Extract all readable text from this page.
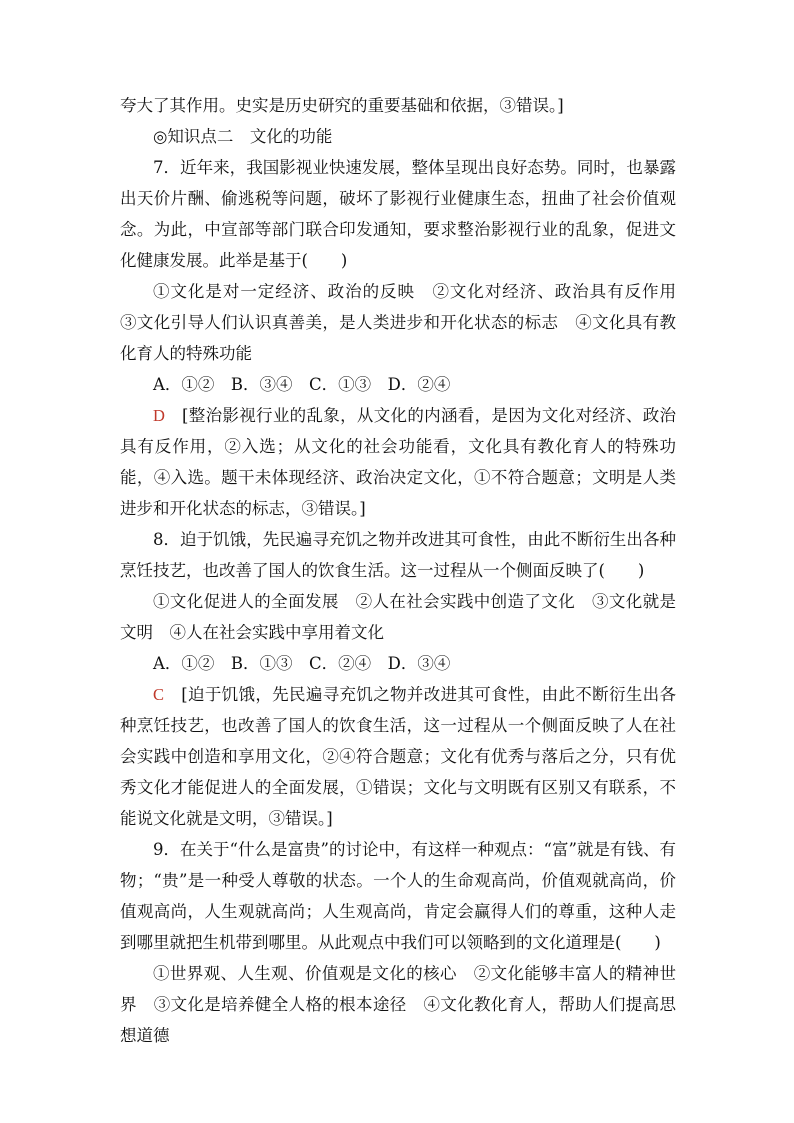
夸大了其作用。史实是历史研究的重要基础和依据，③错误。]

◎知识点二　文化的功能

7．近年来，我国影视业快速发展，整体呈现出良好态势。同时，也暴露出天价片酬、偷逃税等问题，破坏了影视行业健康生态，扭曲了社会价值观念。为此，中宣部等部门联合印发通知，要求整治影视行业的乱象，促进文化健康发展。此举是基于(　　)

①文化是对一定经济、政治的反映　②文化对经济、政治具有反作用　③文化引导人们认识真善美，是人类进步和开化状态的标志　④文化具有教化育人的特殊功能

A．①②　B．③④　C．①③　D．②④

D　 [整治影视行业的乱象，从文化的内涵看，是因为文化对经济、政治具有反作用，②入选；从文化的社会功能看，文化具有教化育人的特殊功能，④入选。题干未体现经济、政治决定文化，①不符合题意；文明是人类进步和开化状态的标志，③错误。]

8．迫于饥饿，先民遍寻充饥之物并改进其可食性，由此不断衍生出各种烹饪技艺，也改善了国人的饮食生活。这一过程从一个侧面反映了(　　)

①文化促进人的全面发展　②人在社会实践中创造了文化　③文化就是文明　④人在社会实践中享用着文化

A．①②　B．①③　C．②④　D．③④

C　 [迫于饥饿，先民遍寻充饥之物并改进其可食性，由此不断衍生出各种烹饪技艺，也改善了国人的饮食生活，这一过程从一个侧面反映了人在社会实践中创造和享用文化，②④符合题意；文化有优秀与落后之分，只有优秀文化才能促进人的全面发展，①错误；文化与文明既有区别又有联系，不能说文化就是文明，③错误。]

9．在关于“什么是富贵”的讨论中，有这样一种观点：“富”就是有钱、有物；“贵”是一种受人尊敬的状态。一个人的生命观高尚，价值观就高尚，价值观高尚，人生观就高尚；人生观高尚，肯定会赢得人们的尊重，这种人走到哪里就把生机带到哪里。从此观点中我们可以领略到的文化道理是(　　)

①世界观、人生观、价值观是文化的核心　②文化能够丰富人的精神世界　③文化是培养健全人格的根本途径　④文化教化育人，帮助人们提高思想道德
